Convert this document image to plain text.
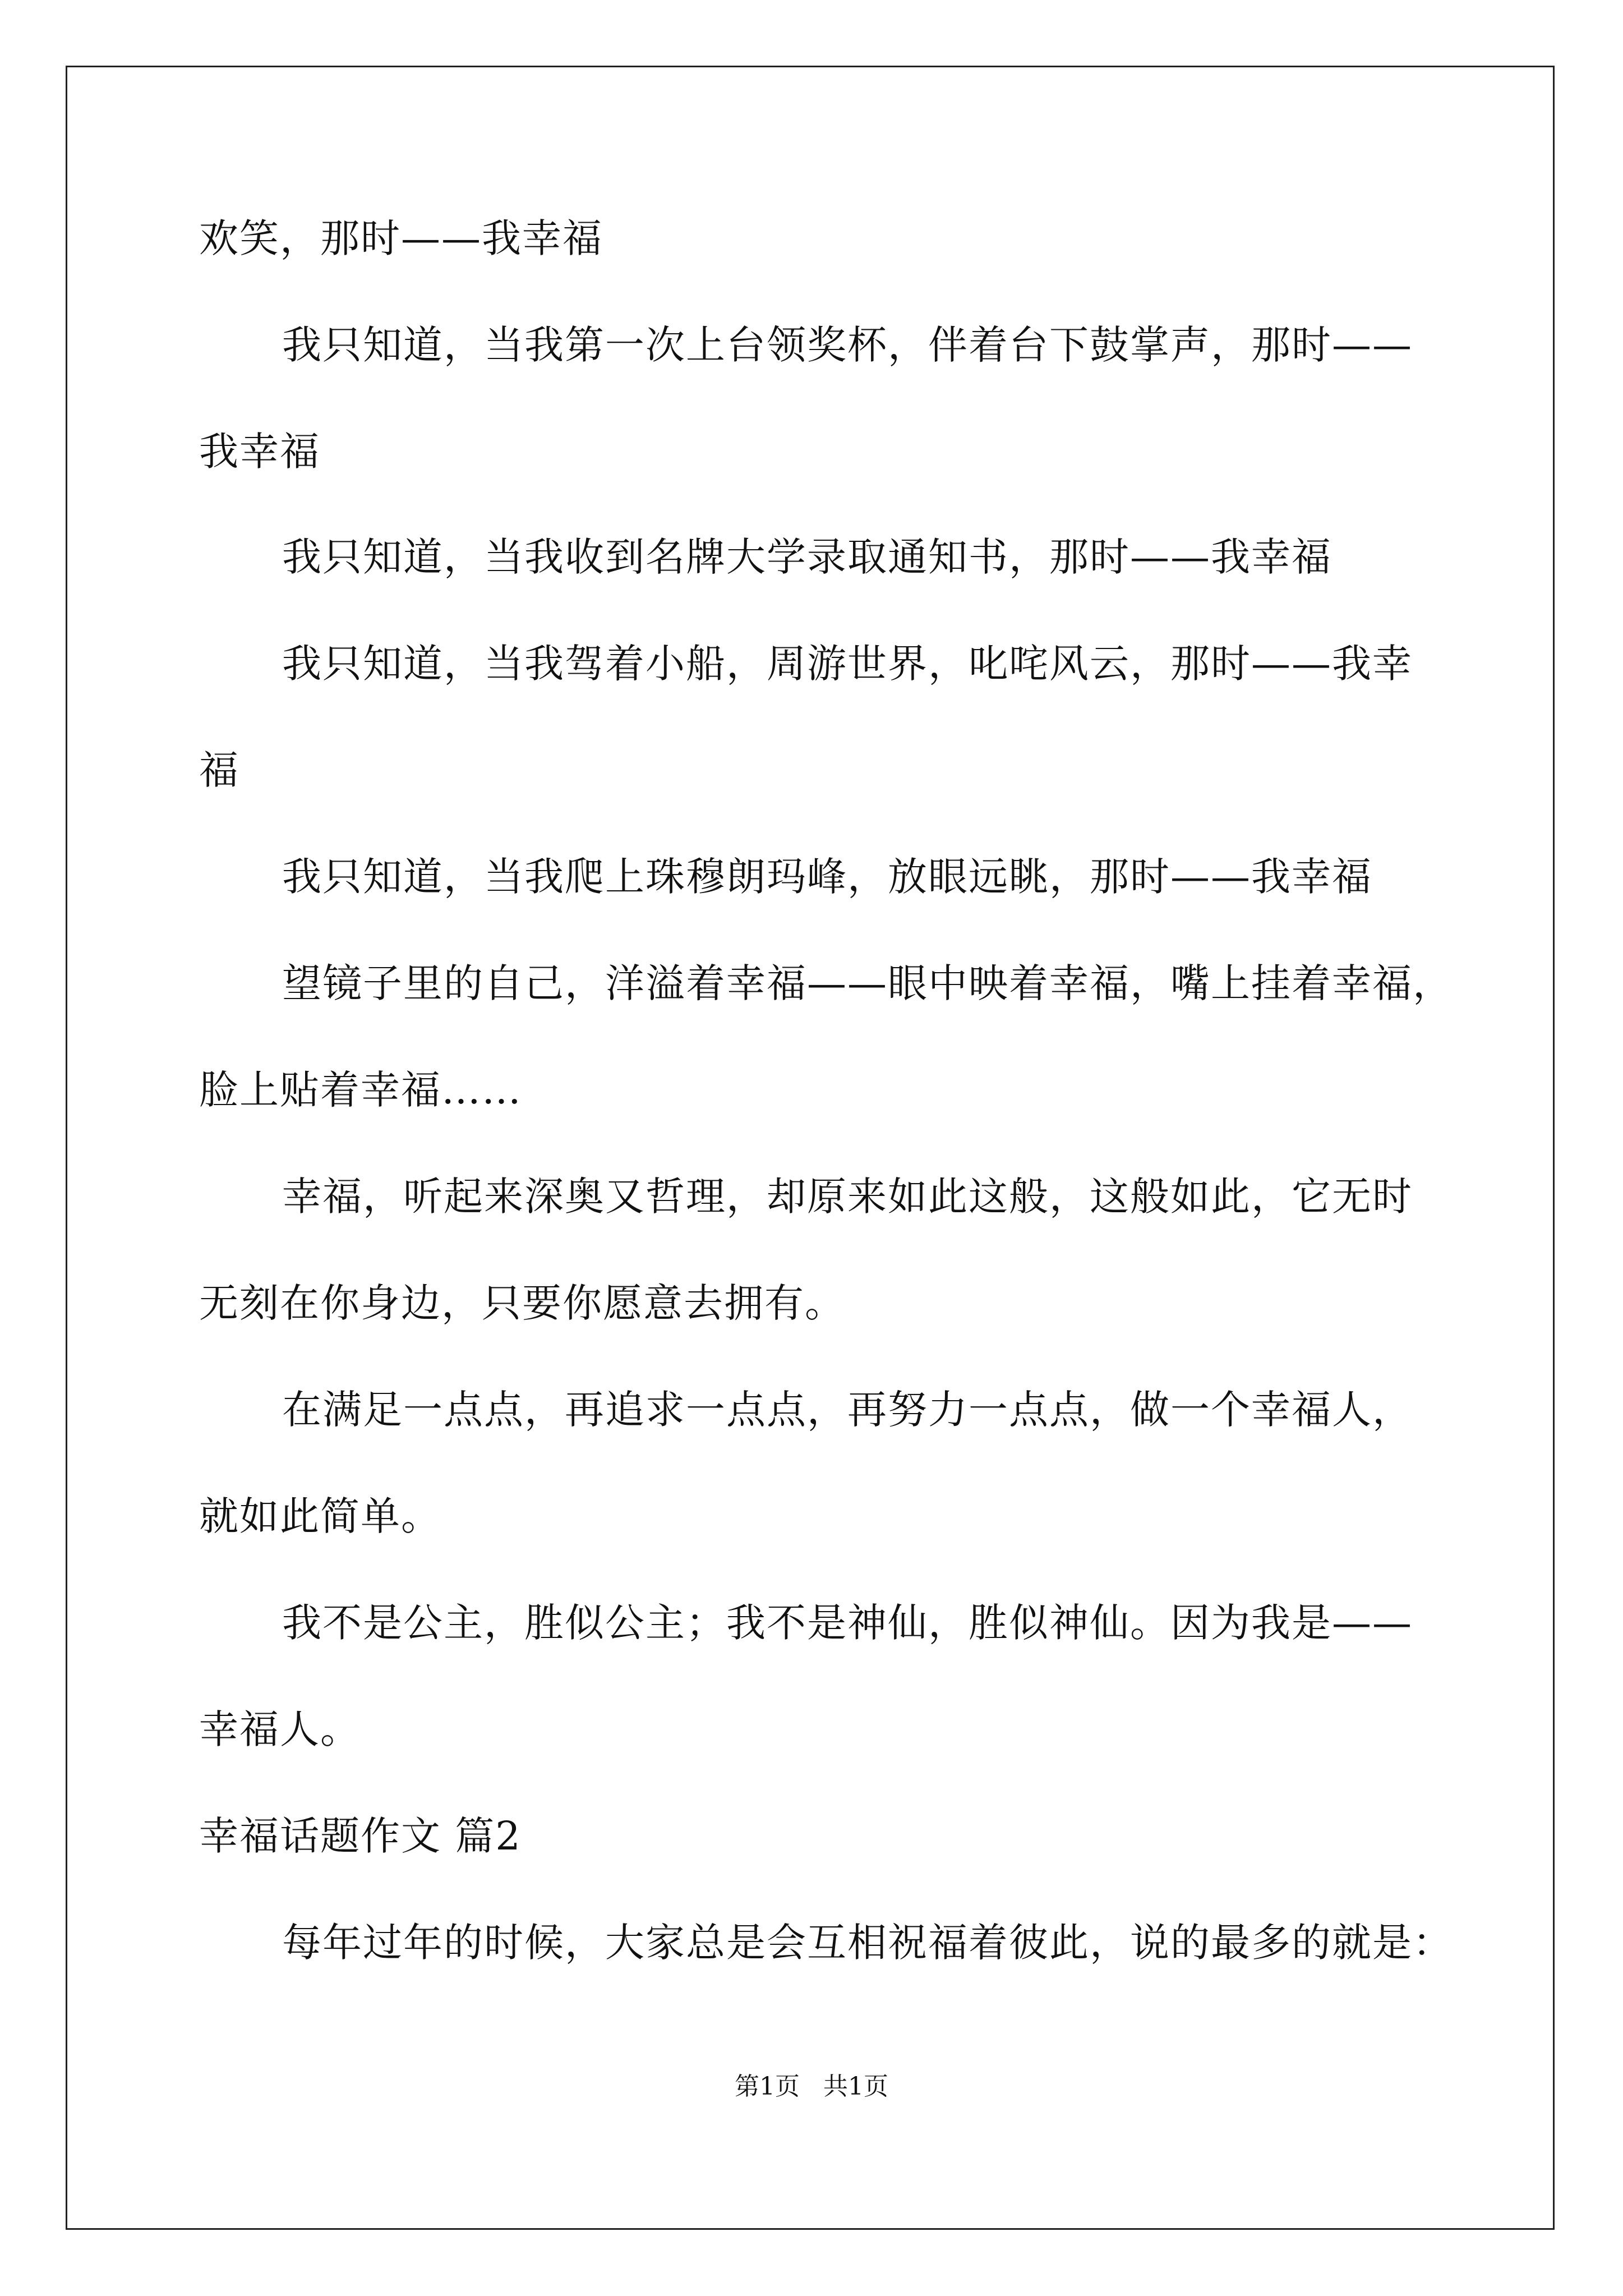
欢笑，那时——我幸福
我只知道，当我第一次上台领奖杯，伴着台下鼓掌声，那时——
我幸福
我只知道，当我收到名牌大学录取通知书，那时——我幸福
我只知道，当我驾着小船，周游世界，叱咤风云，那时——我幸
福
我只知道，当我爬上珠穆朗玛峰，放眼远眺，那时——我幸福
望镜子里的自己，洋溢着幸福——眼中映着幸福，嘴上挂着幸福，
脸上贴着幸福……
幸福，听起来深奥又哲理，却原来如此这般，这般如此，它无时
无刻在你身边，只要你愿意去拥有。
在满足一点点，再追求一点点，再努力一点点，做一个幸福人，
就如此简单。
我不是公主，胜似公主；我不是神仙，胜似神仙。因为我是——
幸福人。
幸福话题作文 篇2
每年过年的时候，大家总是会互相祝福着彼此，说的最多的就是：
第1页   共1页
